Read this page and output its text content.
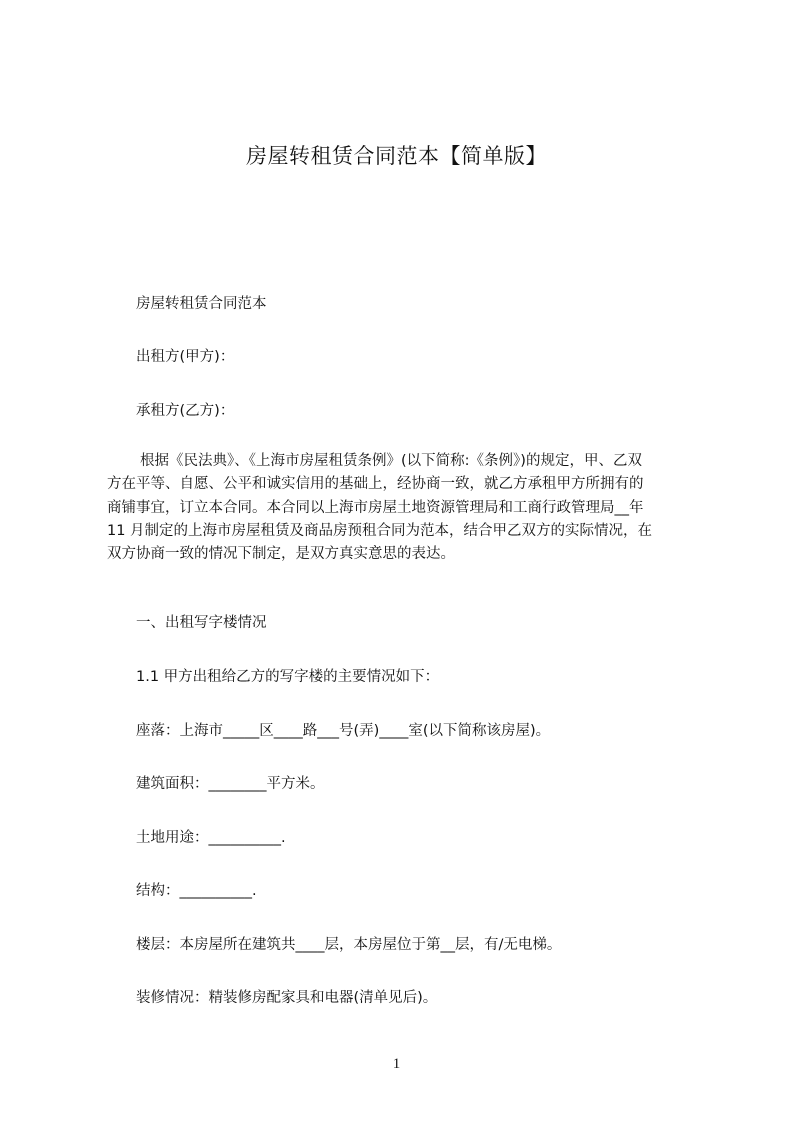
房屋转租赁合同范本【简单版】
房屋转租赁合同范本
出租方(甲方)：
承租方(乙方)：
根据《民法典》、《上海市房屋租赁条例》(以下简称:《条例》)的规定，甲、乙双
方在平等、自愿、公平和诚实信用的基础上，经协商一致，就乙方承租甲方所拥有的
商铺事宜，订立本合同。本合同以上海市房屋土地资源管理局和工商行政管理局__年
11 月制定的上海市房屋租赁及商品房预租合同为范本，结合甲乙双方的实际情况，在
双方协商一致的情况下制定，是双方真实意思的表达。
一、出租写字楼情况
1.1 甲方出租给乙方的写字楼的主要情况如下：
座落：上海市_____区____路___号(弄)____室(以下简称该房屋)。
建筑面积：________平方米。
土地用途：__________.
结构：__________.
楼层：本房屋所在建筑共____层，本房屋位于第__层，有/无电梯。
装修情况：精装修房配家具和电器(清单见后)。
1
